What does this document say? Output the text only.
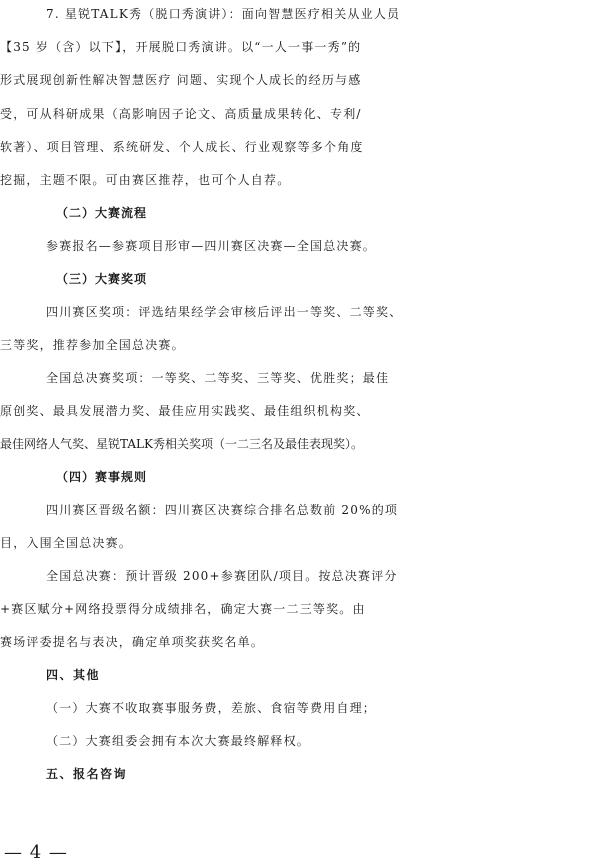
7. 星锐TALK秀（脱口秀演讲）：面向智慧医疗相关从业人员
【35 岁（含）以下】，开展脱口秀演讲。以“一人一事一秀”的
形式展现创新性解决智慧医疗 问题、实现个人成长的经历与感
受，可从科研成果（高影响因子论文、高质量成果转化、专利/
软著）、项目管理、系统研发、个人成长、行业观察等多个角度
挖掘，主题不限。可由赛区推荐，也可个人自荐。
（二）大赛流程
参赛报名—参赛项目形审—四川赛区决赛—全国总决赛。
（三）大赛奖项
四川赛区奖项：评选结果经学会审核后评出一等奖、二等奖、
三等奖，推荐参加全国总决赛。
全国总决赛奖项：一等奖、二等奖、三等奖、优胜奖；最佳
原创奖、最具发展潜力奖、最佳应用实践奖、最佳组织机构奖、
最佳网络人气奖、星锐TALK秀相关奖项（一二三名及最佳表现奖）。
（四）赛事规则
四川赛区晋级名额：四川赛区决赛综合排名总数前 20%的项
目，入围全国总决赛。
全国总决赛：预计晋级 200+参赛团队/项目。按总决赛评分
+赛区赋分+网络投票得分成绩排名，确定大赛一二三等奖。由
赛场评委提名与表决，确定单项奖获奖名单。
四、其他
（一）大赛不收取赛事服务费，差旅、食宿等费用自理；
（二）大赛组委会拥有本次大赛最终解释权。
五、报名咨询
— 4 —
